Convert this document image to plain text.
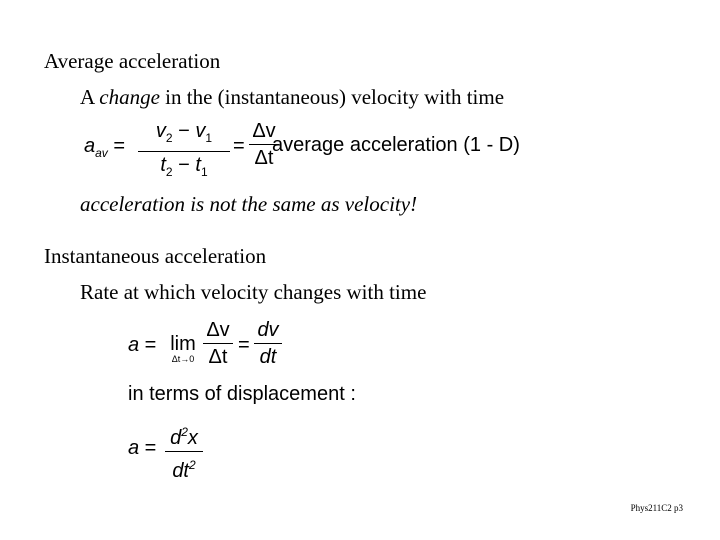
Average acceleration
A change in the (instantaneous) velocity with time
$a_{av}$ =
$v_2 - v_1$
$t_2 - t_1$
=
Δv
Δt
average acceleration (1 - D)
acceleration is not the same as velocity!
Instantaneous acceleration
Rate at which velocity changes with time
a = lim
Δt→0
Δv
Δt
=
dv
dt
in terms of displacement :
$a = d^2x$
$dt^2$
Phys211C2 p3
